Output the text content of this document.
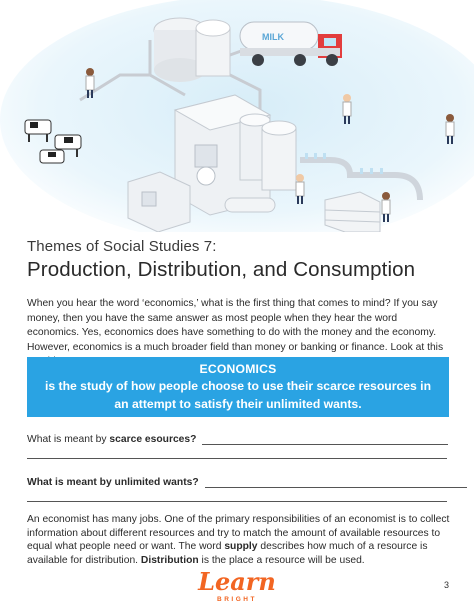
MILK
Themes of Social Studies 7:
Production, Distribution, and Consumption
When you hear the word ‘economics,’ what is the first thing that comes to mind? If you say money, then you have the same answer as most people when they hear the word economics. Yes, economics does have something to do with the money and the economy. However, economics is a much broader field than money or banking or finance. Look at this
ECONOMICS
is the study of how people choose to use their scarce resources in
an attempt to satisfy their unlimited wants.
What is meant by scarce esources?
What is meant by unlimited wants?
An economist has many jobs. One of the primary responsibilities of an economist is to collect information about different resources and try to match the amount of available resources to equal what people need or want. The word supply describes how much of a resource is available for distribution. Distribution is the place a resource will be used.
Learn
BRIGHT
3
